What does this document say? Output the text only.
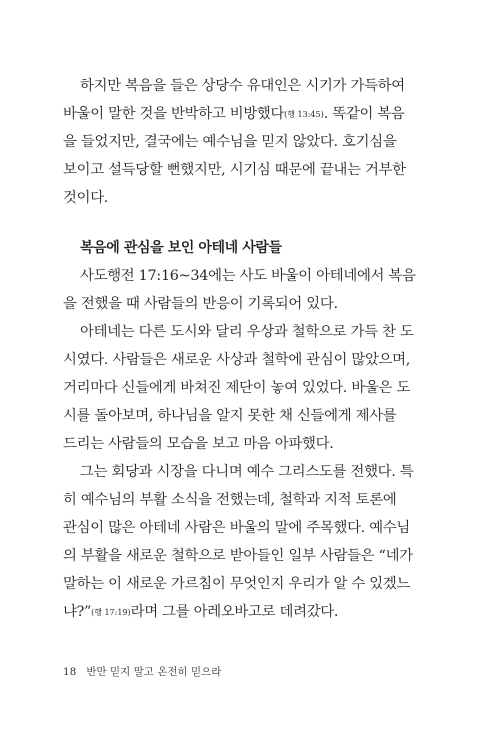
하지만 복음을 들은 상당수 유대인은 시기가 가득하여
바울이 말한 것을 반박하고 비방했다(행 13:45). 똑같이 복음
을 들었지만, 결국에는 예수님을 믿지 않았다. 호기심을
보이고 설득당할 뻔했지만, 시기심 때문에 끝내는 거부한
것이다.
복음에 관심을 보인 아테네 사람들
사도행전 17:16~34에는 사도 바울이 아테네에서 복음
을 전했을 때 사람들의 반응이 기록되어 있다.
아테네는 다른 도시와 달리 우상과 철학으로 가득 찬 도
시였다. 사람들은 새로운 사상과 철학에 관심이 많았으며,
거리마다 신들에게 바쳐진 제단이 놓여 있었다. 바울은 도
시를 돌아보며, 하나님을 알지 못한 채 신들에게 제사를
드리는 사람들의 모습을 보고 마음 아파했다.
그는 회당과 시장을 다니며 예수 그리스도를 전했다. 특
히 예수님의 부활 소식을 전했는데, 철학과 지적 토론에
관심이 많은 아테네 사람은 바울의 말에 주목했다. 예수님
의 부활을 새로운 철학으로 받아들인 일부 사람들은 “네가
말하는 이 새로운 가르침이 무엇인지 우리가 알 수 있겠느
냐?”(행 17:19)라며 그를 아레오바고로 데려갔다.
18 반만 믿지 말고 온전히 믿으라
